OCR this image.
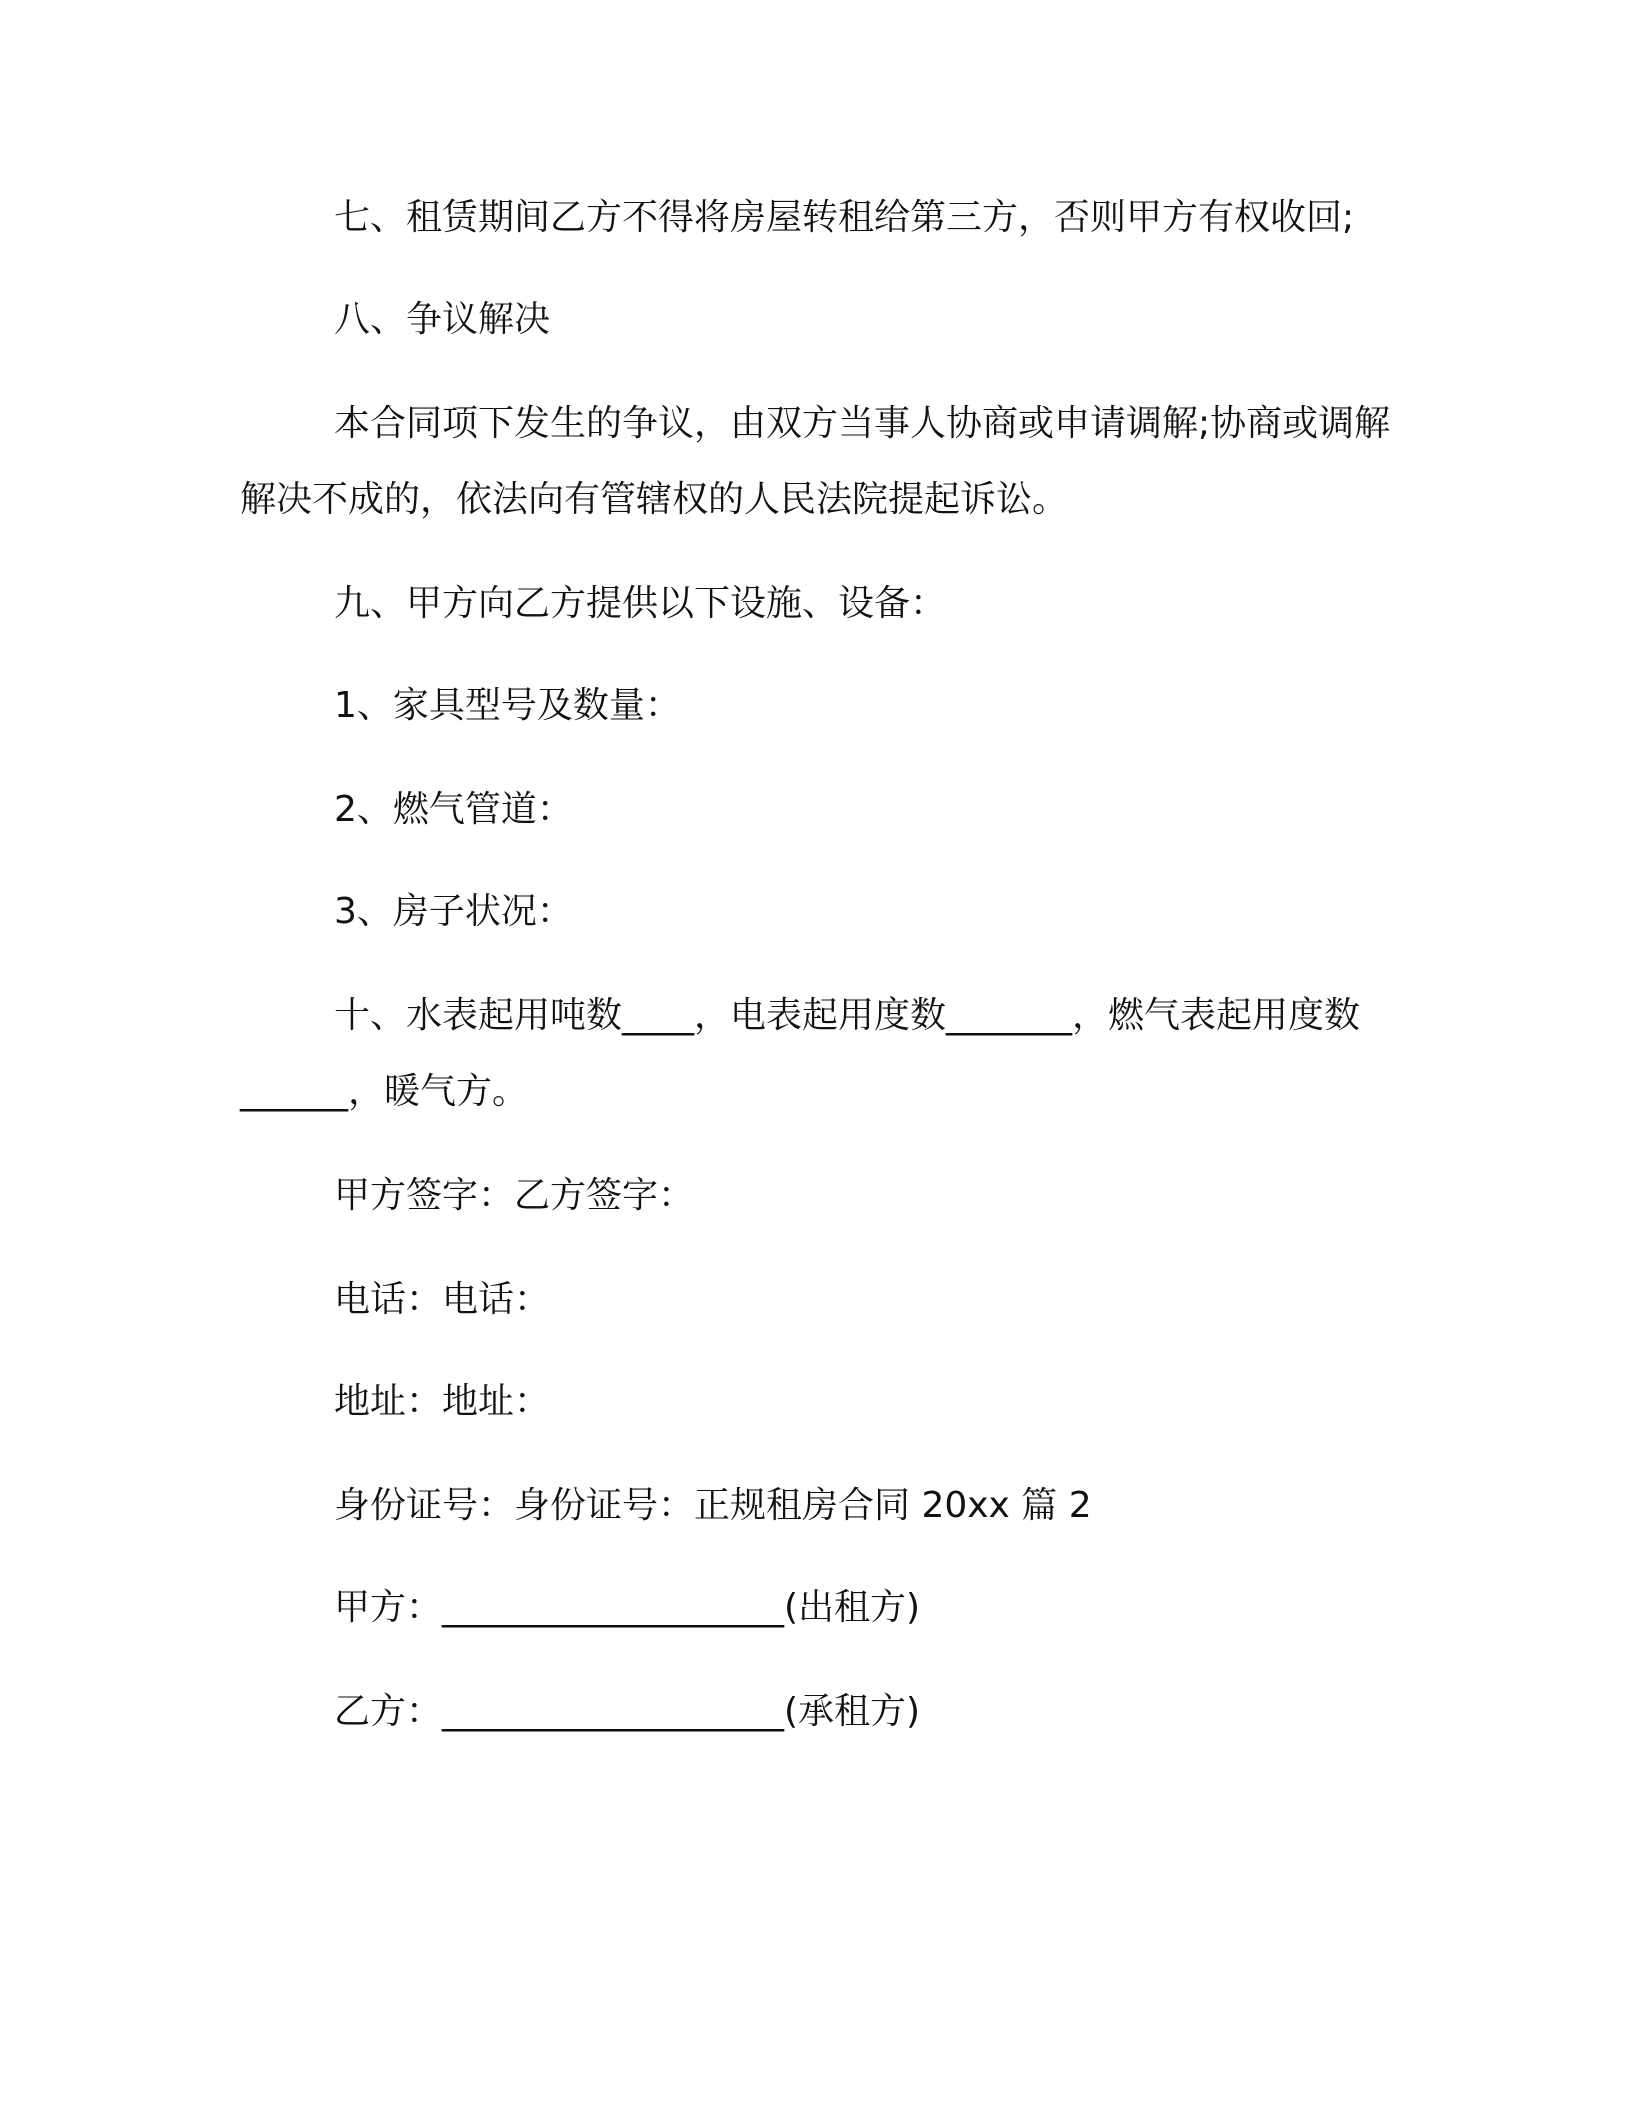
七、租赁期间乙方不得将房屋转租给第三方，否则甲方有权收回;

八、争议解决

本合同项下发生的争议，由双方当事人协商或申请调解;协商或调解解决不成的，依法向有管辖权的人民法院提起诉讼。

九、甲方向乙方提供以下设施、设备：

1、家具型号及数量：

2、燃气管道：

3、房子状况：

十、水表起用吨数____，电表起用度数_______，燃气表起用度数______，暖气方。

甲方签字：乙方签字：

电话：电话：

地址：地址：

身份证号：身份证号：正规租房合同 20xx 篇 2

甲方：___________________(出租方)

乙方：___________________(承租方)
